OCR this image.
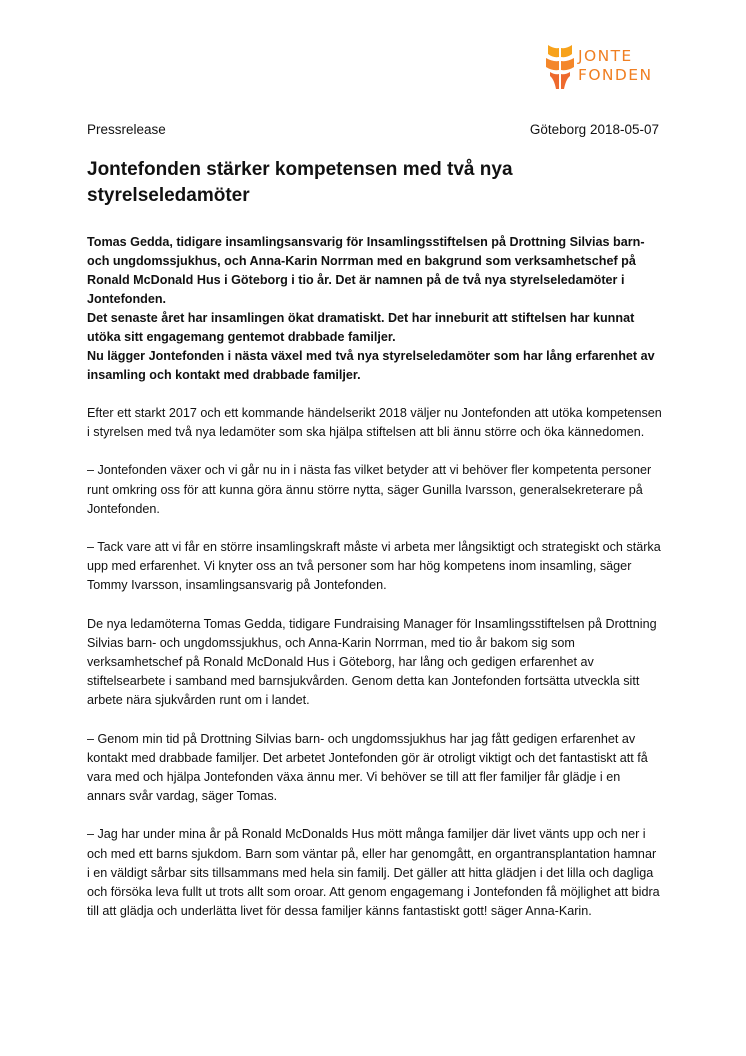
JONTE
FONDEN
Pressrelease	Göteborg 2018-05-07
Jontefonden stärker kompetensen med två nya styrelseledamöter
Tomas Gedda, tidigare insamlingsansvarig för Insamlingsstiftelsen på Drottning Silvias barn- och ungdomssjukhus, och Anna-Karin Norrman med en bakgrund som verksamhetschef på Ronald McDonald Hus i Göteborg i tio år. Det är namnen på de två nya styrelseledamöter i Jontefonden.
Det senaste året har insamlingen ökat dramatiskt. Det har inneburit att stiftelsen har kunnat utöka sitt engagemang gentemot drabbade familjer.
Nu lägger Jontefonden i nästa växel med två nya styrelseledamöter som har lång erfarenhet av insamling och kontakt med drabbade familjer.

Efter ett starkt 2017 och ett kommande händelserikt 2018 väljer nu Jontefonden att utöka kompetensen i styrelsen med två nya ledamöter som ska hjälpa stiftelsen att bli ännu större och öka kännedomen.

– Jontefonden växer och vi går nu in i nästa fas vilket betyder att vi behöver fler kompetenta personer runt omkring oss för att kunna göra ännu större nytta, säger Gunilla Ivarsson, generalsekreterare på Jontefonden.

– Tack vare att vi får en större insamlingskraft måste vi arbeta mer långsiktigt och strategiskt och stärka upp med erfarenhet. Vi knyter oss an två personer som har hög kompetens inom insamling, säger Tommy Ivarsson, insamlingsansvarig på Jontefonden.

De nya ledamöterna Tomas Gedda, tidigare Fundraising Manager för Insamlingsstiftelsen på Drottning Silvias barn- och ungdomssjukhus, och Anna-Karin Norrman, med tio år bakom sig som verksamhetschef på Ronald McDonald Hus i Göteborg, har lång och gedigen erfarenhet av stiftelsearbete i samband med barnsjukvården. Genom detta kan Jontefonden fortsätta utveckla sitt arbete nära sjukvården runt om i landet.

– Genom min tid på Drottning Silvias barn- och ungdomssjukhus har jag fått gedigen erfarenhet av kontakt med drabbade familjer. Det arbetet Jontefonden gör är otroligt viktigt och det fantastiskt att få vara med och hjälpa Jontefonden växa ännu mer. Vi behöver se till att fler familjer får glädje i en annars svår vardag, säger Tomas.

– Jag har under mina år på Ronald McDonalds Hus mött många familjer där livet vänts upp och ner i och med ett barns sjukdom. Barn som väntar på, eller har genomgått, en organtransplantation hamnar i en väldigt sårbar sits tillsammans med hela sin familj. Det gäller att hitta glädjen i det lilla och dagliga och försöka leva fullt ut trots allt som oroar. Att genom engagemang i Jontefonden få möjlighet att bidra till att glädja och underlätta livet för dessa familjer känns fantastiskt gott! säger Anna-Karin.
